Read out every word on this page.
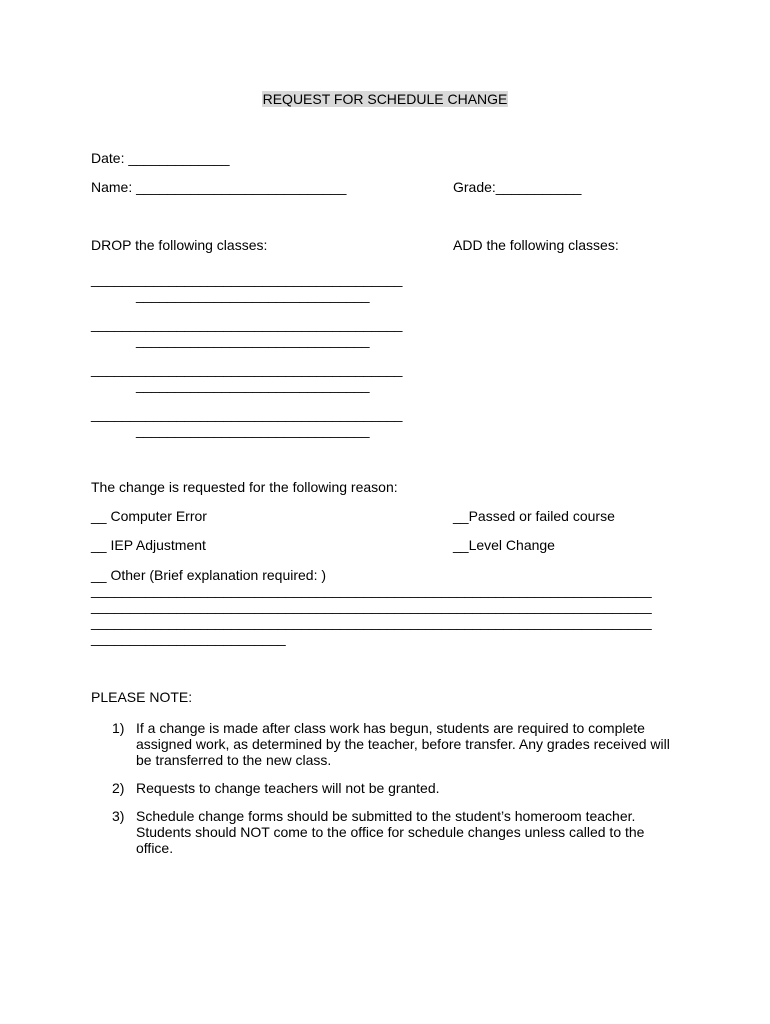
REQUEST FOR SCHEDULE CHANGE
Date: _____________
Name: ___________________________	Grade:___________
DROP the following classes:	ADD the following classes:
________________________________________
______________________________
________________________________________
______________________________
________________________________________
______________________________
________________________________________
______________________________
The change is requested for the following reason:
__ Computer Error	__Passed or failed course
__ IEP Adjustment	__Level Change
__ Other (Brief explanation required: )
________________________________________________________________________
________________________________________________________________________
________________________________________________________________________
_________________________
PLEASE NOTE:
1) If a change is made after class work has begun, students are required to complete assigned work, as determined by the teacher, before transfer. Any grades received will be transferred to the new class.
2) Requests to change teachers will not be granted.
3) Schedule change forms should be submitted to the student’s homeroom teacher. Students should NOT come to the office for schedule changes unless called to the office.
